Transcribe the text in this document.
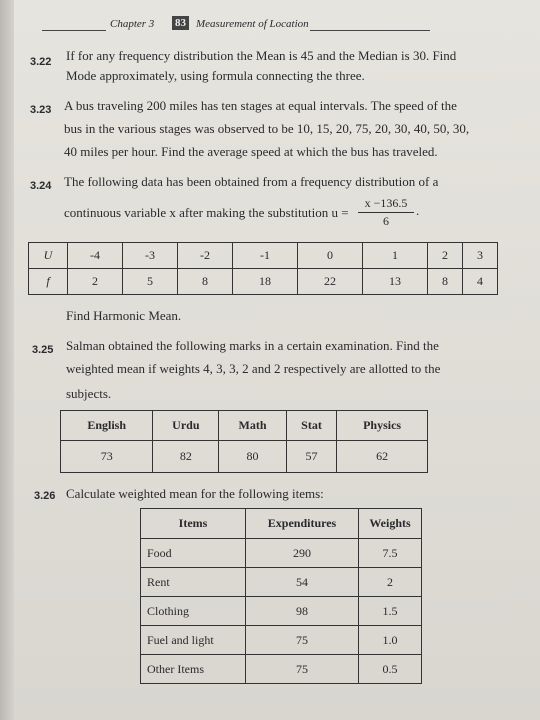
Chapter 3 83 Measurement of Location
3.22 If for any frequency distribution the Mean is 45 and the Median is 30. Find
Mode approximately, using formula connecting the three.
3.23 A bus traveling 200 miles has ten stages at equal intervals. The speed of the
bus in the various stages was observed to be 10, 15, 20, 75, 20, 30, 40, 50, 30,
40 miles per hour. Find the average speed at which the bus has traveled.
3.24 The following data has been obtained from a frequency distribution of a
continuous variable x after making the substitution $u = \frac{x -136.5}{6}$ .
U	-4	-3	-2	-1	0	1	2	3
f	2	5	8	18	22	13	8	4
Find Harmonic Mean.
3.25 Salman obtained the following marks in a certain examination. Find the
weighted mean if weights 4, 3, 3, 2 and 2 respectively are allotted to the
subjects.
English	Urdu	Math	Stat	Physics
73	82	80	57	62
3.26 Calculate weighted mean for the following items:
Items	Expenditures	Weights
Food	290	7.5
Rent	54	2
Clothing	98	1.5
Fuel and light	75	1.0
Other Items	75	0.5
